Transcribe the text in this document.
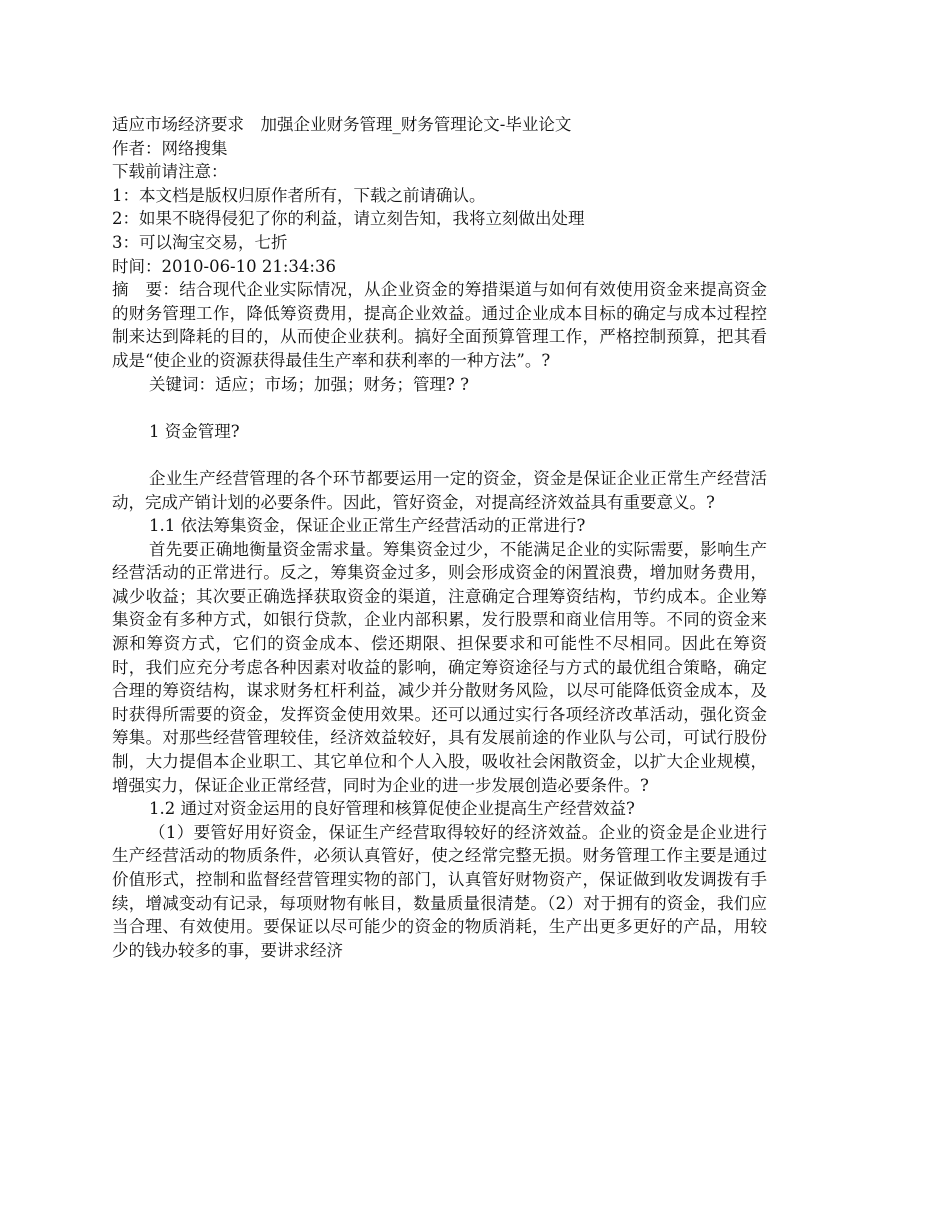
适应市场经济要求　加强企业财务管理_财务管理论文-毕业论文
作者：网络搜集
下载前请注意：
1：本文档是版权归原作者所有，下载之前请确认。
2：如果不晓得侵犯了你的利益，请立刻告知，我将立刻做出处理
3：可以淘宝交易，七折
时间：2010-06-10 21:34:36
摘　要：结合现代企业实际情况，从企业资金的筹措渠道与如何有效使用资金来提高资金的财务管理工作，降低筹资费用，提高企业效益。通过企业成本目标的确定与成本过程控制来达到降耗的目的，从而使企业获利。搞好全面预算管理工作，严格控制预算，把其看成是“使企业的资源获得最佳生产率和获利率的一种方法”。?
关键词：适应；市场；加强；财务；管理? ?
1 资金管理?
企业生产经营管理的各个环节都要运用一定的资金，资金是保证企业正常生产经营活动，完成产销计划的必要条件。因此，管好资金，对提高经济效益具有重要意义。?
1.1 依法筹集资金，保证企业正常生产经营活动的正常进行?
首先要正确地衡量资金需求量。筹集资金过少，不能满足企业的实际需要，影响生产经营活动的正常进行。反之，筹集资金过多，则会形成资金的闲置浪费，增加财务费用，减少收益；其次要正确选择获取资金的渠道，注意确定合理筹资结构，节约成本。企业筹集资金有多种方式，如银行贷款，企业内部积累，发行股票和商业信用等。不同的资金来源和筹资方式，它们的资金成本、偿还期限、担保要求和可能性不尽相同。因此在筹资时，我们应充分考虑各种因素对收益的影响，确定筹资途径与方式的最优组合策略，确定合理的筹资结构，谋求财务杠杆利益，减少并分散财务风险，以尽可能降低资金成本，及时获得所需要的资金，发挥资金使用效果。还可以通过实行各项经济改革活动，强化资金筹集。对那些经营管理较佳，经济效益较好，具有发展前途的作业队与公司，可试行股份制，大力提倡本企业职工、其它单位和个人入股，吸收社会闲散资金，以扩大企业规模，增强实力，保证企业正常经营，同时为企业的进一步发展创造必要条件。?
1.2 通过对资金运用的良好管理和核算促使企业提高生产经营效益?
（1）要管好用好资金，保证生产经营取得较好的经济效益。企业的资金是企业进行生产经营活动的物质条件，必须认真管好，使之经常完整无损。财务管理工作主要是通过价值形式，控制和监督经营管理实物的部门，认真管好财物资产，保证做到收发调拨有手续，增减变动有记录，每项财物有帐目，数量质量很清楚。（2）对于拥有的资金，我们应当合理、有效使用。要保证以尽可能少的资金的物质消耗，生产出更多更好的产品，用较少的钱办较多的事，要讲求经济
